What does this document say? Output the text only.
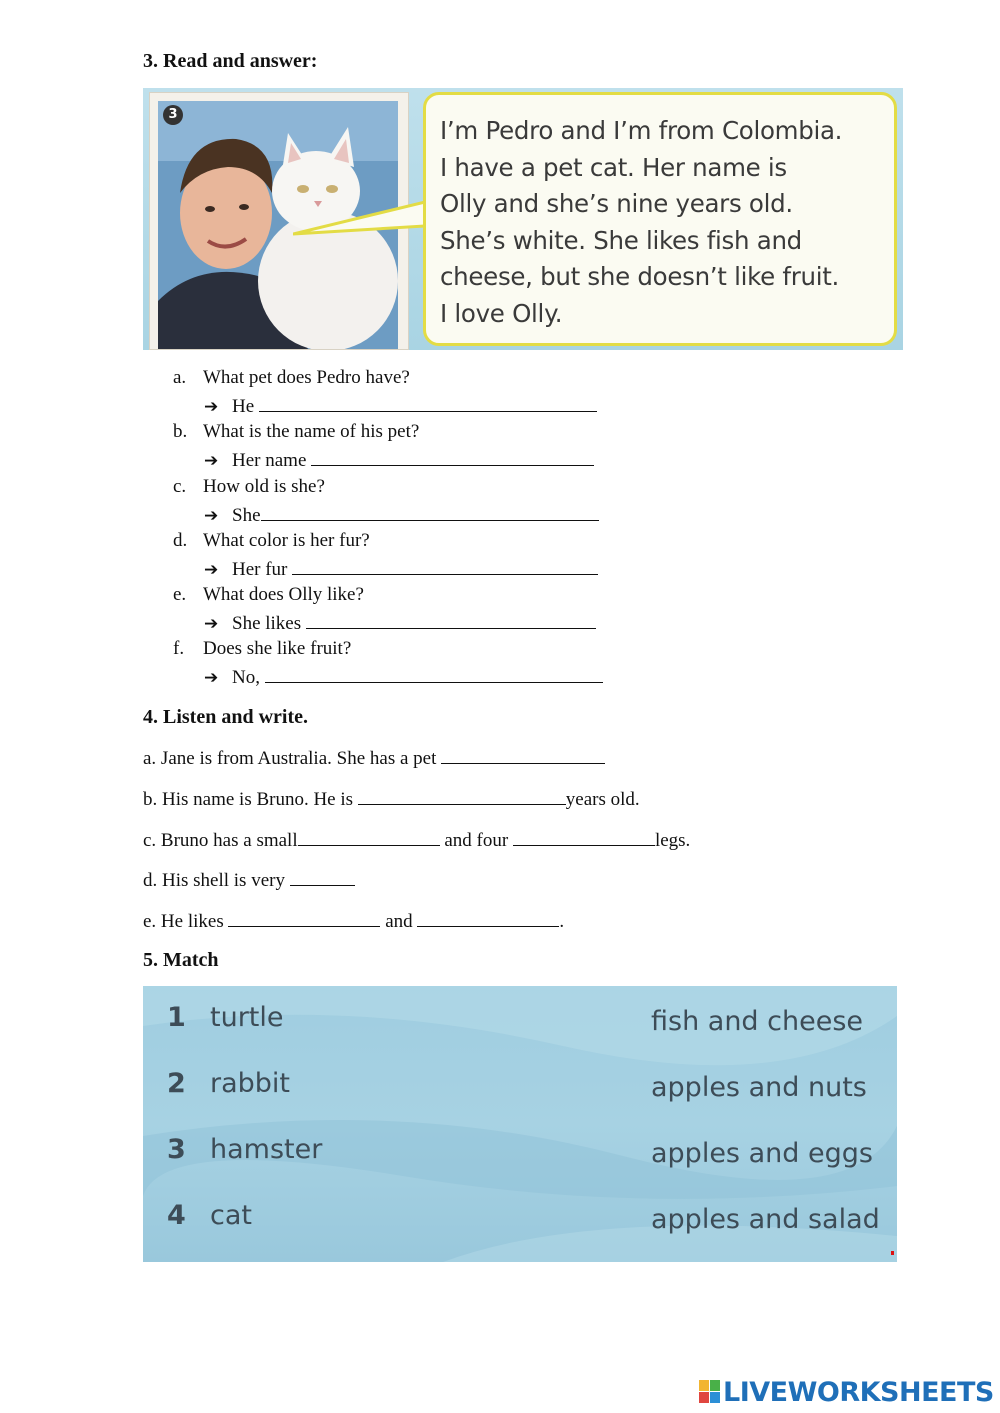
3. Read and answer:
3
I’m Pedro and I’m from Colombia.
I have a pet cat. Her name is
Olly and she’s nine years old.
She’s white. She likes fish and
cheese, but she doesn’t like fruit.
I love Olly.
a. What pet does Pedro have?
➔ He
b. What is the name of his pet?
➔ Her name
c. How old is she?
➔ She
d. What color is her fur?
➔ Her fur
e. What does Olly like?
➔ She likes
f. Does she like fruit?
➔ No,
4. Listen and write.
a. Jane is from Australia. She has a pet
b. His name is Bruno. He is	years old.
c. Bruno has a small	and four	legs.
d. His shell is very
e. He likes	and	.
5. Match
1 turtle	fish and cheese
2 rabbit	apples and nuts
3 hamster	apples and eggs
4 cat	apples and salad
LIVEWORKSHEETS
